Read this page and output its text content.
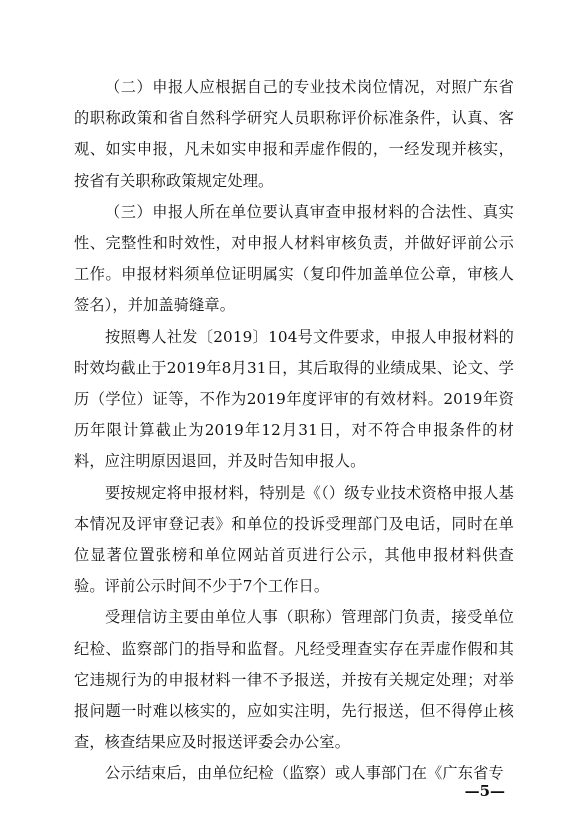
（二）申报人应根据自己的专业技术岗位情况，对照广东省的职称政策和省自然科学研究人员职称评价标准条件，认真、客观、如实申报，凡未如实申报和弄虚作假的，一经发现并核实，按省有关职称政策规定处理。

（三）申报人所在单位要认真审查申报材料的合法性、真实性、完整性和时效性，对申报人材料审核负责，并做好评前公示工作。申报材料须单位证明属实（复印件加盖单位公章，审核人签名），并加盖骑缝章。

按照粤人社发〔2019〕104号文件要求，申报人申报材料的时效均截止于2019年8月31日，其后取得的业绩成果、论文、学历（学位）证等，不作为2019年度评审的有效材料。2019年资历年限计算截止为2019年12月31日，对不符合申报条件的材料，应注明原因退回，并及时告知申报人。

要按规定将申报材料，特别是《（）级专业技术资格申报人基本情况及评审登记表》和单位的投诉受理部门及电话，同时在单位显著位置张榜和单位网站首页进行公示，其他申报材料供查验。评前公示时间不少于7个工作日。

受理信访主要由单位人事（职称）管理部门负责，接受单位纪检、监察部门的指导和监督。凡经受理查实存在弄虚作假和其它违规行为的申报材料一律不予报送，并按有关规定处理；对举报问题一时难以核实的，应如实注明，先行报送，但不得停止核查，核查结果应及时报送评委会办公室。

公示结束后，由单位纪检（监察）或人事部门在《广东省专

—5—
